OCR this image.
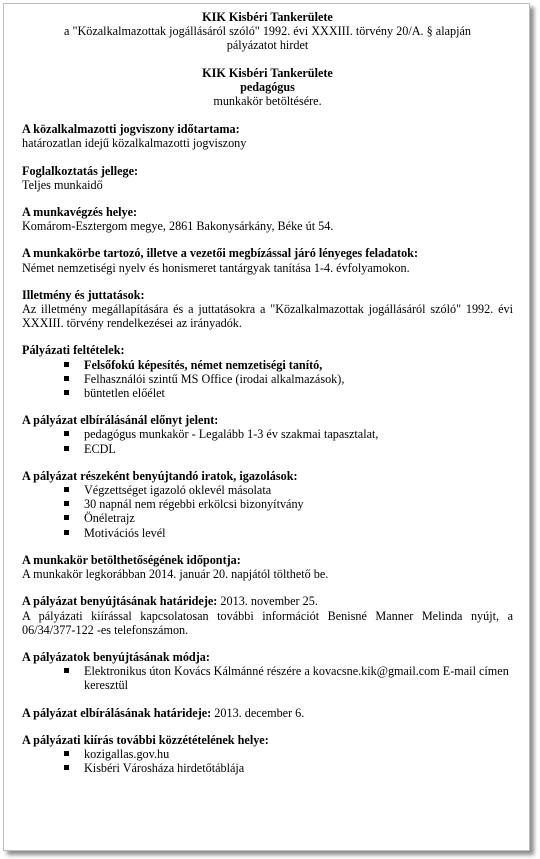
KIK Kisbéri Tankerülete
a "Közalkalmazottak jogállásáról szóló" 1992. évi XXXIII. törvény 20/A. § alapján
pályázatot hirdet
KIK Kisbéri Tankerülete
pedagógus
munkakör betöltésére.
A közalkalmazotti jogviszony időtartama:
határozatlan idejű közalkalmazotti jogviszony
Foglalkoztatás jellege:
Teljes munkaidő
A munkavégzés helye:
Komárom-Esztergom megye, 2861 Bakonysárkány, Béke út 54.
A munkakörbe tartozó, illetve a vezetői megbízással járó lényeges feladatok:
Német nemzetiségi nyelv és honismeret tantárgyak tanítása 1-4. évfolyamokon.
Illetmény és juttatások:
Az illetmény megállapítására és a juttatásokra a "Közalkalmazottak jogállásáról szóló" 1992. évi XXXIII. törvény rendelkezései az irányadók.
Pályázati feltételek:
Felsőfokú képesítés, német nemzetiségi tanító,
Felhasználói szintű MS Office (irodai alkalmazások),
büntetlen előélet
A pályázat elbírálásánál előnyt jelent:
pedagógus munkakör - Legalább 1-3 év szakmai tapasztalat,
ECDL
A pályázat részeként benyújtandó iratok, igazolások:
Végzettséget igazoló oklevél másolata
30 napnál nem régebbi erkölcsi bizonyítvány
Önéletrajz
Motivációs levél
A munkakör betölthetőségének időpontja:
A munkakör legkorábban 2014. január 20. napjától tölthető be.
A pályázat benyújtásának határideje: 2013. november 25.
A pályázati kiírással kapcsolatosan további információt Benisné Manner Melinda nyújt, a 06/34/377-122 -es telefonszámon.
A pályázatok benyújtásának módja:
Elektronikus úton Kovács Kálmánné részére a kovacsne.kik@gmail.com E-mail címen keresztül
A pályázat elbírálásának határideje: 2013. december 6.
A pályázati kiírás további közzétételének helye:
kozigallas.gov.hu
Kisbéri Városháza hirdetőtáblája
